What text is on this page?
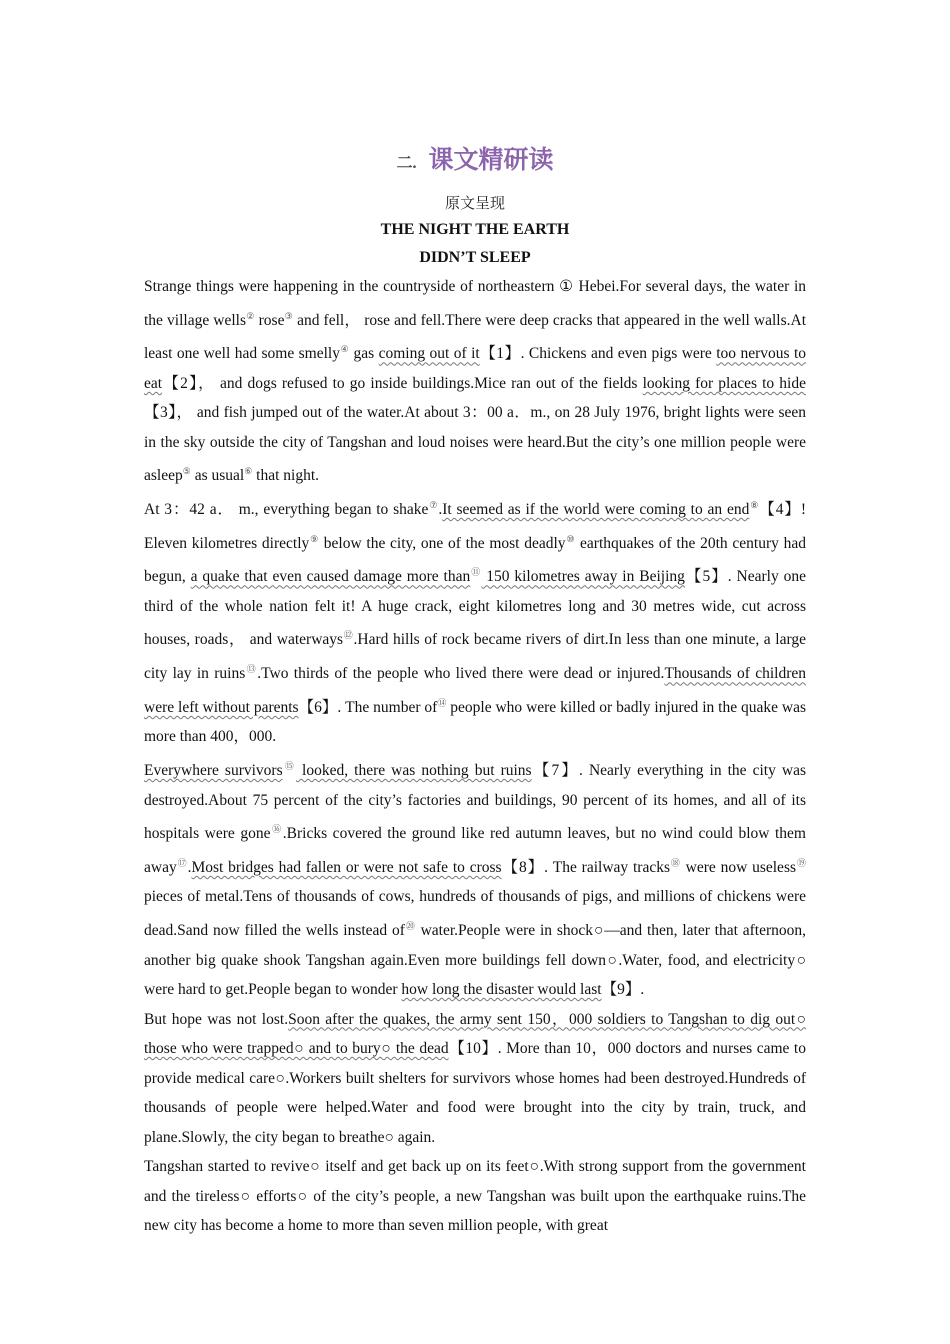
二. 课文精研读

原文呈现

THE NIGHT THE EARTH

DIDN’T SLEEP

Strange things were happening in the countryside of northeastern ① Hebei.For several days, the water in the village wells② rose③ and fell， rose and fell.There were deep cracks that appeared in the well walls.At least one well had some smelly④ gas coming out of it【1】. Chickens and even pigs were too nervous to eat【2】， and dogs refused to go inside buildings.Mice ran out of the fields looking for places to hide【3】， and fish jumped out of the water.At about 3：00 a．m., on 28 July 1976, bright lights were seen in the sky outside the city of Tangshan and loud noises were heard.But the city’s one million people were asleep⑤ as usual⑥ that night.

At 3：42 a． m., everything began to shake⑦.It seemed as if the world were coming to an end⑧【4】! Eleven kilometres directly⑨ below the city, one of the most deadly⑩ earthquakes of the 20th century had begun, a quake that even caused damage more than⑪ 150 kilometres away in Beijing【5】. Nearly one third of the whole nation felt it! A huge crack, eight kilometres long and 30 metres wide, cut across houses, roads， and waterways⑫.Hard hills of rock became rivers of dirt.In less than one minute, a large city lay in ruins⑬.Two thirds of the people who lived there were dead or injured.Thousands of children were left without parents【6】. The number of⑭ people who were killed or badly injured in the quake was more than 400，000.

Everywhere survivors⑮ looked, there was nothing but ruins【7】. Nearly everything in the city was destroyed.About 75 percent of the city’s factories and buildings, 90 percent of its homes, and all of its hospitals were gone⑯.Bricks covered the ground like red autumn leaves, but no wind could blow them away⑰.Most bridges had fallen or were not safe to cross【8】. The railway tracks⑱ were now useless⑲ pieces of metal.Tens of thousands of cows, hundreds of thousands of pigs, and millions of chickens were dead.Sand now filled the wells instead of⑳ water.People were in shock○—and then, later that afternoon, another big quake shook Tangshan again.Even more buildings fell down○.Water, food, and electricity○ were hard to get.People began to wonder how long the disaster would last【9】.

But hope was not lost.Soon after the quakes, the army sent 150，000 soldiers to Tangshan to dig out○ those who were trapped○ and to bury○ the dead【10】. More than 10，000 doctors and nurses came to provide medical care○.Workers built shelters for survivors whose homes had been destroyed.Hundreds of thousands of people were helped.Water and food were brought into the city by train, truck, and plane.Slowly, the city began to breathe○ again.

Tangshan started to revive○ itself and get back up on its feet○.With strong support from the government and the tireless○ efforts○ of the city’s people, a new Tangshan was built upon the earthquake ruins.The new city has become a home to more than seven million people, with great
